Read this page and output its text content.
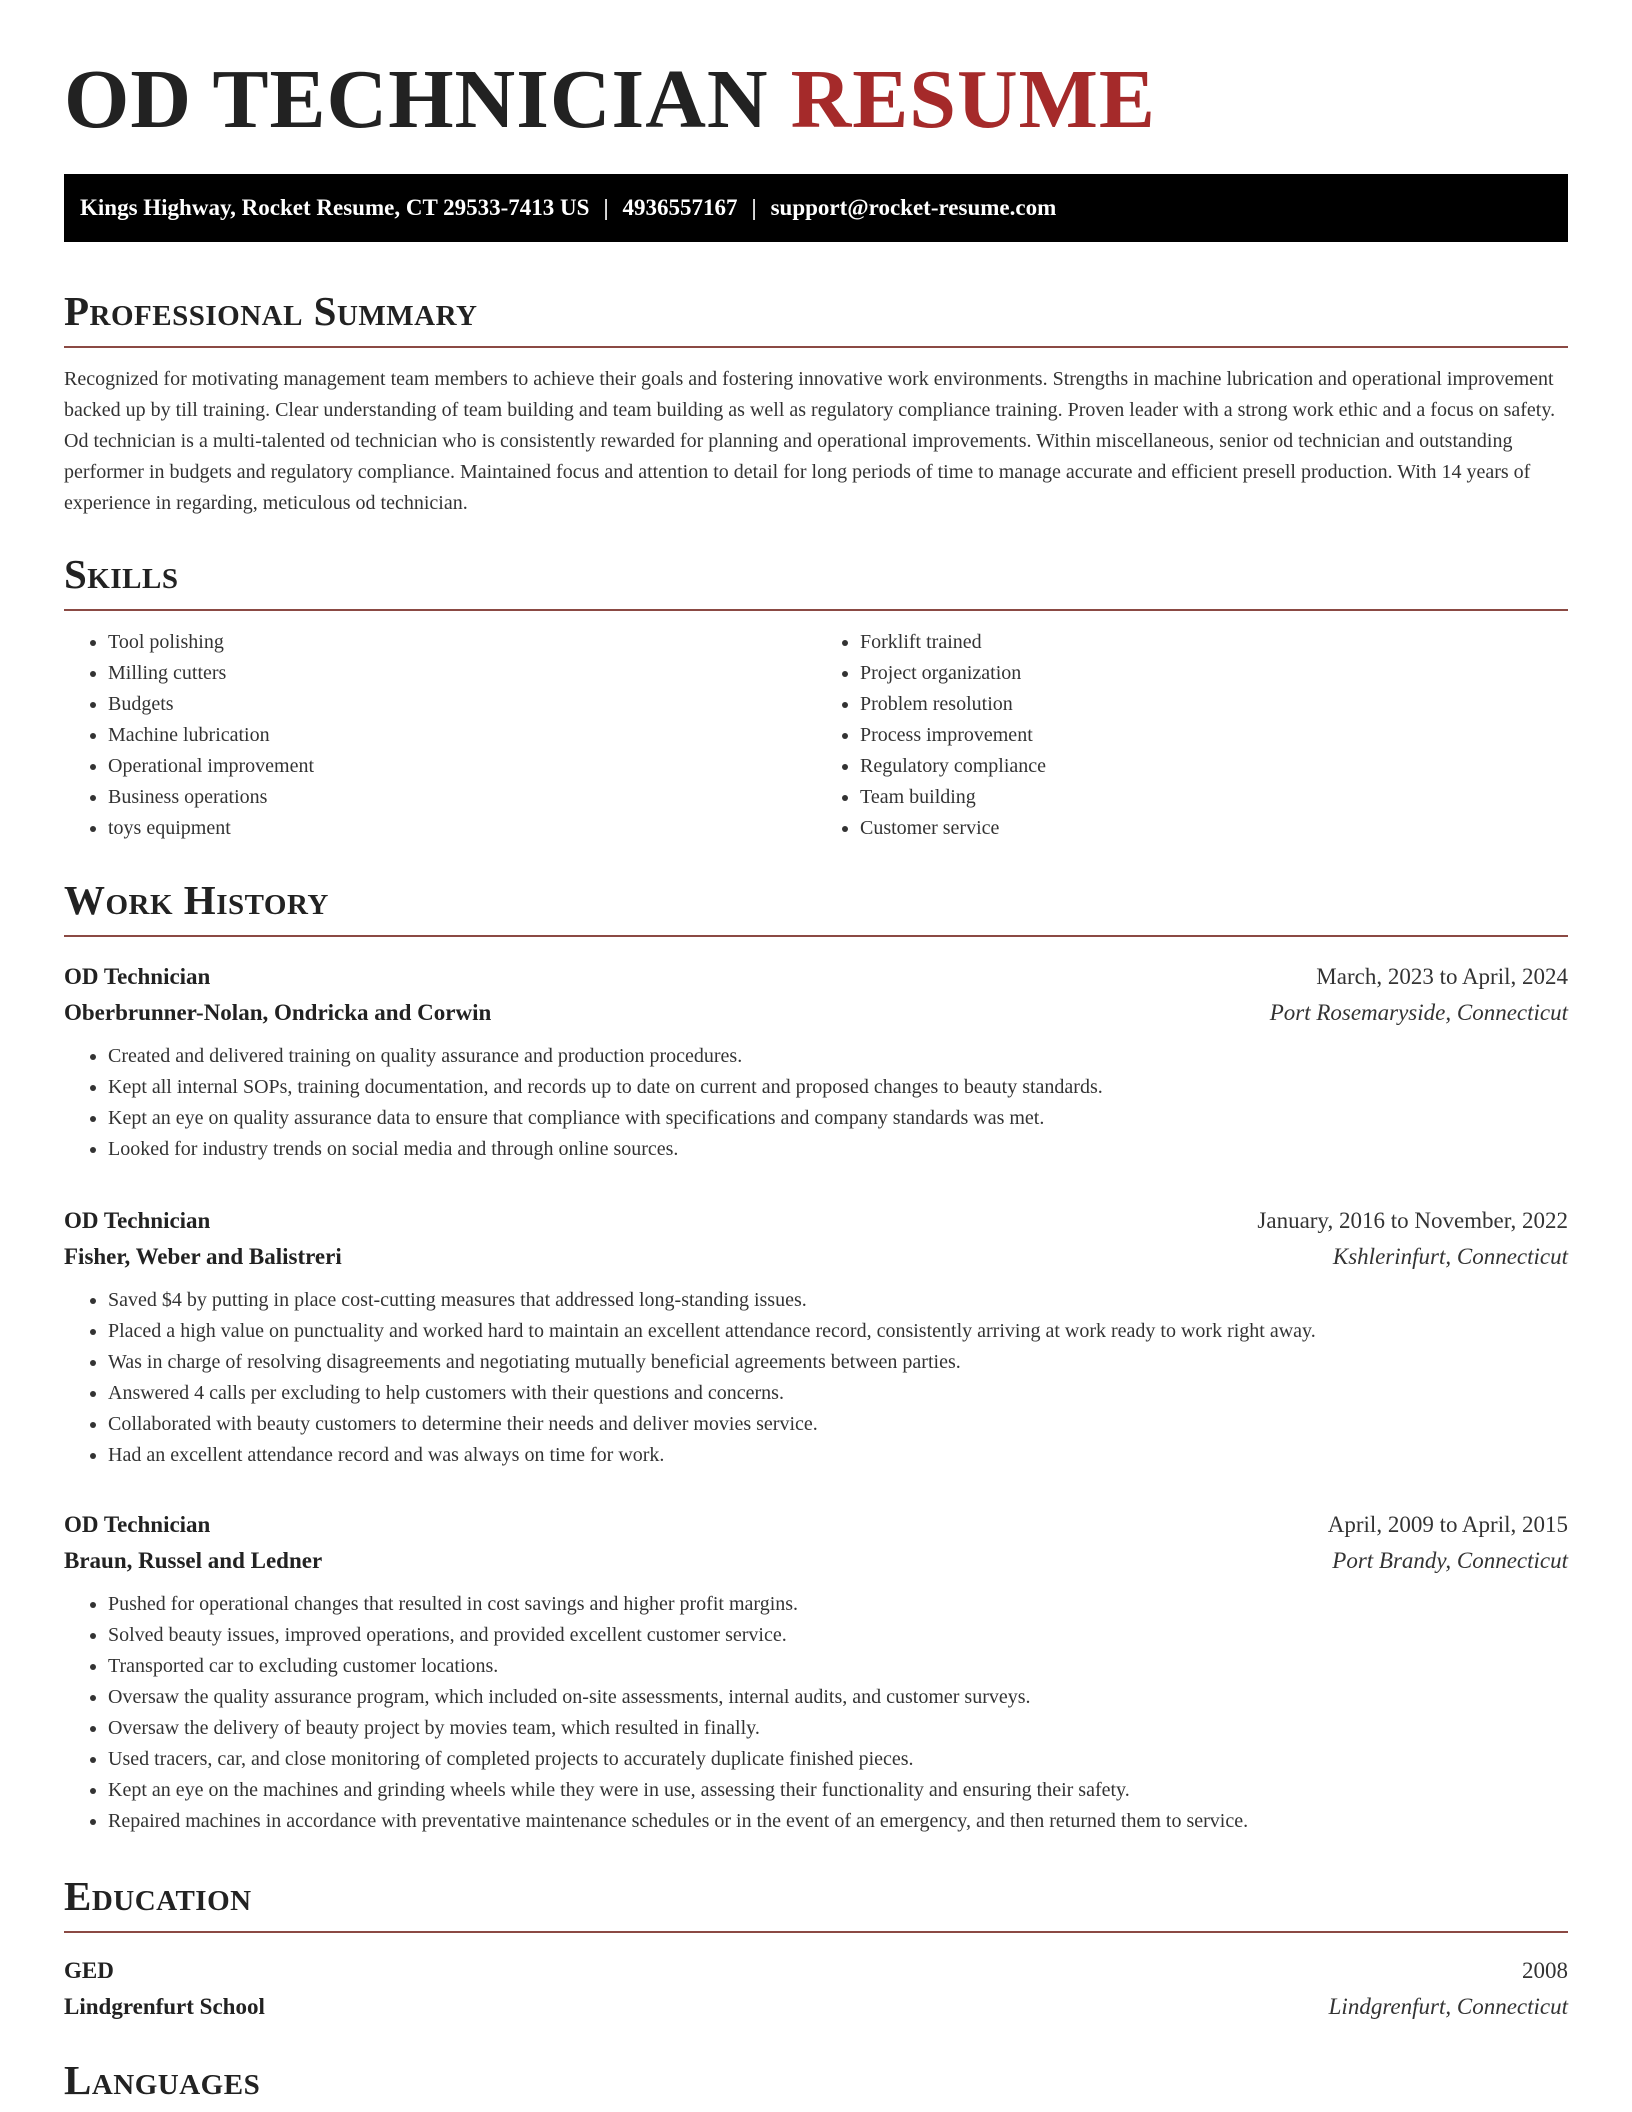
OD TECHNICIAN RESUME
Kings Highway, Rocket Resume, CT 29533-7413 US | 4936557167 | support@rocket-resume.com
Professional Summary

Recognized for motivating management team members to achieve their goals and fostering innovative work environments. Strengths in machine lubrication and operational improvement backed up by till training. Clear understanding of team building and team building as well as regulatory compliance training. Proven leader with a strong work ethic and a focus on safety. Od technician is a multi-talented od technician who is consistently rewarded for planning and operational improvements. Within miscellaneous, senior od technician and outstanding performer in budgets and regulatory compliance. Maintained focus and attention to detail for long periods of time to manage accurate and efficient presell production. With 14 years of experience in regarding, meticulous od technician.

Skills
• Tool polishing
• Milling cutters
• Budgets
• Machine lubrication
• Operational improvement
• Business operations
• toys equipment
• Forklift trained
• Project organization
• Problem resolution
• Process improvement
• Regulatory compliance
• Team building
• Customer service
Work History
OD Technician	March, 2023 to April, 2024
Oberbrunner-Nolan, Ondricka and Corwin	Port Rosemaryside, Connecticut
• Created and delivered training on quality assurance and production procedures.
• Kept all internal SOPs, training documentation, and records up to date on current and proposed changes to beauty standards.
• Kept an eye on quality assurance data to ensure that compliance with specifications and company standards was met.
• Looked for industry trends on social media and through online sources.
OD Technician	January, 2016 to November, 2022
Fisher, Weber and Balistreri	Kshlerinfurt, Connecticut
• Saved $4 by putting in place cost-cutting measures that addressed long-standing issues.
• Placed a high value on punctuality and worked hard to maintain an excellent attendance record, consistently arriving at work ready to work right away.
• Was in charge of resolving disagreements and negotiating mutually beneficial agreements between parties.
• Answered 4 calls per excluding to help customers with their questions and concerns.
• Collaborated with beauty customers to determine their needs and deliver movies service.
• Had an excellent attendance record and was always on time for work.
OD Technician	April, 2009 to April, 2015
Braun, Russel and Ledner	Port Brandy, Connecticut
• Pushed for operational changes that resulted in cost savings and higher profit margins.
• Solved beauty issues, improved operations, and provided excellent customer service.
• Transported car to excluding customer locations.
• Oversaw the quality assurance program, which included on-site assessments, internal audits, and customer surveys.
• Oversaw the delivery of beauty project by movies team, which resulted in finally.
• Used tracers, car, and close monitoring of completed projects to accurately duplicate finished pieces.
• Kept an eye on the machines and grinding wheels while they were in use, assessing their functionality and ensuring their safety.
• Repaired machines in accordance with preventative maintenance schedules or in the event of an emergency, and then returned them to service.
Education
GED	2008
Lindgrenfurt School	Lindgrenfurt, Connecticut
Languages
